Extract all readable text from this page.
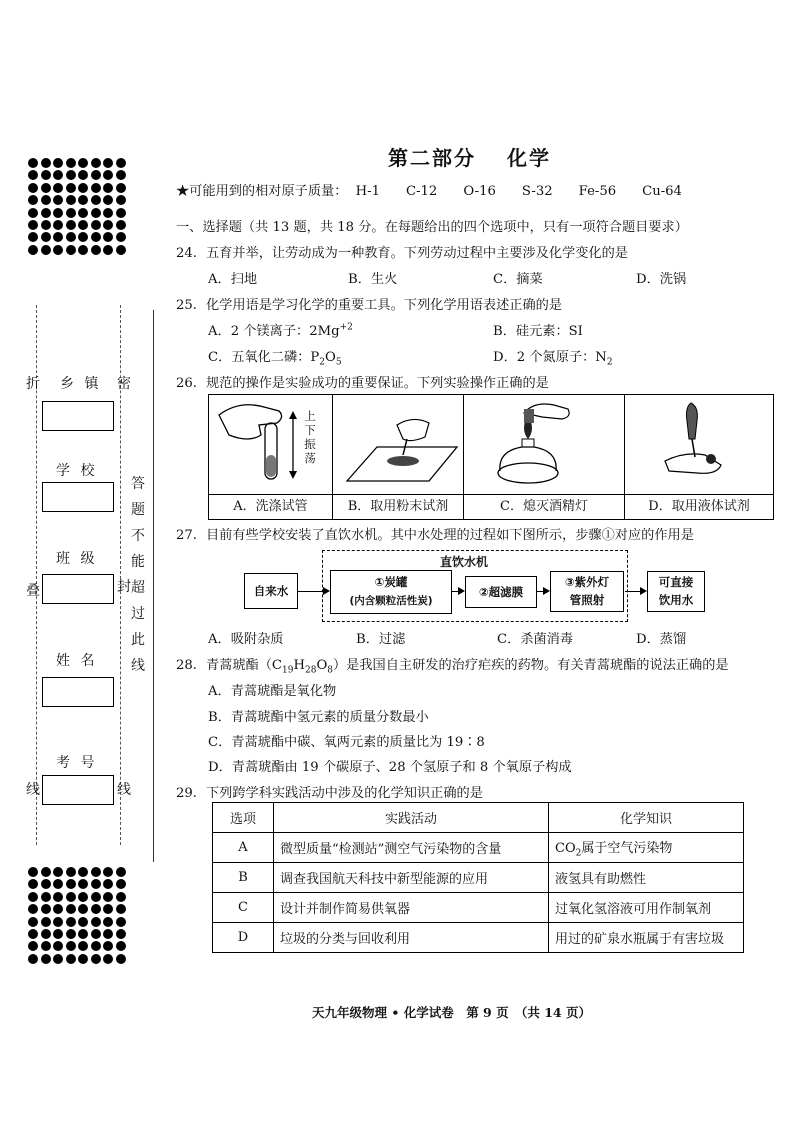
折 乡 镇 密
学 校
班 级
叠	封
姓 名
考 号
线	线
答题不能超过此线
第二部分　 化学
★可能用到的相对原子质量： H-1 C-12 O-16 S-32 Fe-56 Cu-64
一、选择题（共 13 题，共 18 分。在每题给出的四个选项中，只有一项符合题目要求）
24. 五育并举，让劳动成为一种教育。下列劳动过程中主要涉及化学变化的是
A．扫地	B．生火	C．摘菜	D．洗锅
25. 化学用语是学习化学的重要工具。下列化学用语表述正确的是
A．2 个镁离子：$2Mg^{+2}$	B．硅元素：SI
C．五氧化二磷：$P_2O_5$	D．2 个氮原子：$N_2$
26. 规范的操作是实验成功的重要保证。下列实验操作正确的是
上下振荡
A．洗涤试管	B．取用粉末试剂	C．熄灭酒精灯	D．取用液体试剂
27. 目前有些学校安装了直饮水机。其中水处理的过程如下图所示，步骤①对应的作用是
直饮水机
自来水
①炭罐
(内含颗粒活性炭)
②超滤膜
③紫外灯
管照射
可直接
饮用水
A．吸附杂质	B．过滤	C．杀菌消毒	D．蒸馏
28. 青蒿琥酯$(C_{19}H_{28}O_8)$是我国自主研发的治疗疟疾的药物。有关青蒿琥酯的说法正确的是
A．青蒿琥酯是氧化物
B．青蒿琥酯中氢元素的质量分数最小
C．青蒿琥酯中碳、氧两元素的质量比为 19∶8
D．青蒿琥酯由 19 个碳原子、28 个氢原子和 8 个氧原子构成
29. 下列跨学科实践活动中涉及的化学知识正确的是
选项	实践活动	化学知识
A	微型质量“检测站”测空气污染物的含量	$CO_2$属于空气污染物
B	调查我国航天科技中新型能源的应用	液氢具有助燃性
C	设计并制作简易供氧器	过氧化氢溶液可用作制氧剂
D	垃圾的分类与回收利用	用过的矿泉水瓶属于有害垃圾
天九年级物理 • 化学试卷　第 9 页　（共 14 页）
